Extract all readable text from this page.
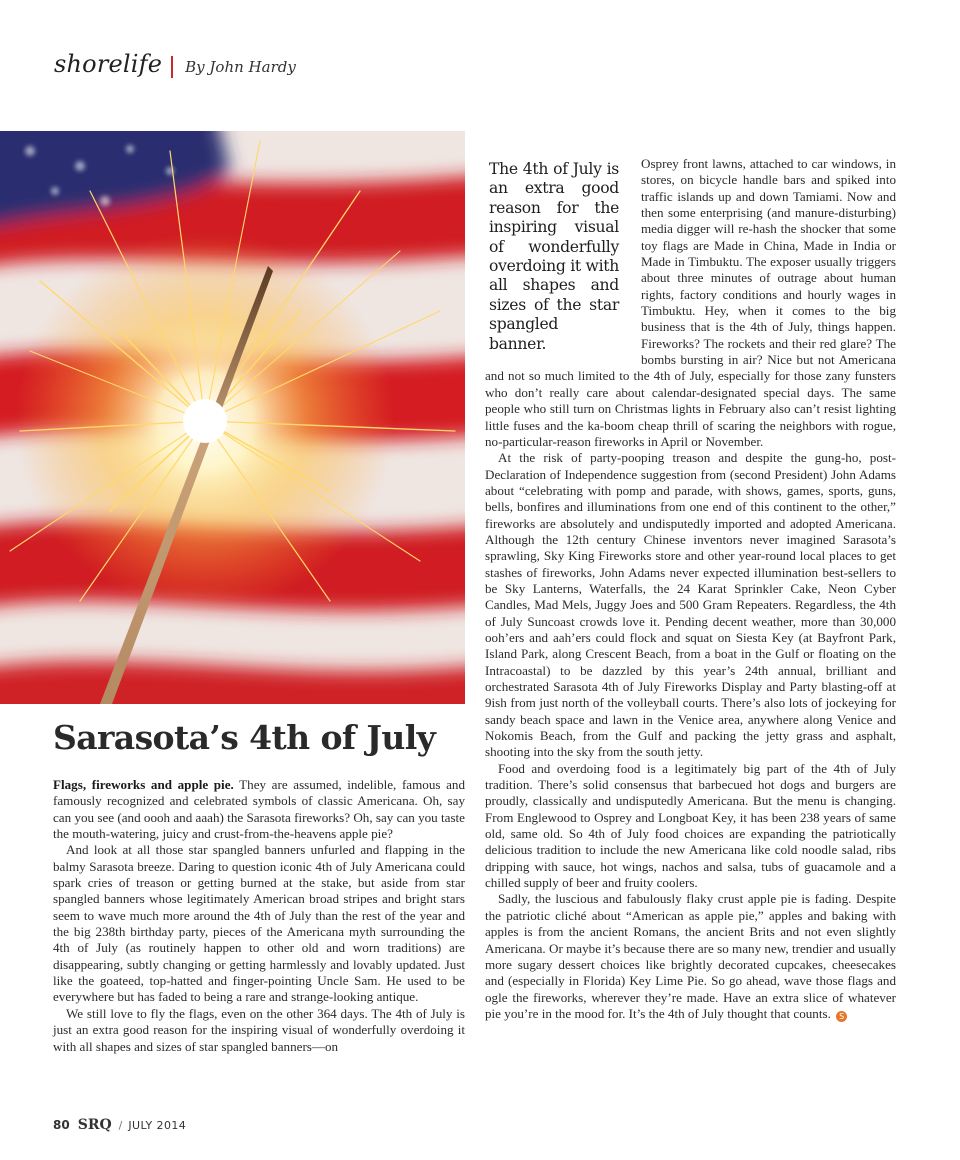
shorelife By John Hardy
Sarasota’s 4th of July

Flags, fireworks and apple pie. They are assumed, indelible, famous and famously recognized and celebrated symbols of classic Americana. Oh, say can you see (and oooh and aaah) the Sarasota fireworks? Oh, say can you taste the mouth-watering, juicy and crust-from-the-heavens apple pie?

And look at all those star spangled banners unfurled and flapping in the balmy Sarasota breeze. Daring to question iconic 4th of July Americana could spark cries of treason or getting burned at the stake, but aside from star spangled banners whose legitimately American broad stripes and bright stars seem to wave much more around the 4th of July than the rest of the year and the big 238th birthday party, pieces of the Americana myth surrounding the 4th of July (as routinely happen to other old and worn traditions) are disappearing, subtly changing or getting harmlessly and lovably updated. Just like the goateed, top-hatted and finger-pointing Uncle Sam. He used to be everywhere but has faded to being a rare and strange-looking antique.

We still love to fly the flags, even on the other 364 days. The 4th of July is just an extra good reason for the inspiring visual of wonderfully overdoing it with all shapes and sizes of star spangled banners—on

The 4th of July is an extra good reason for the inspiring visual of wonderfully overdoing it with all shapes and sizes of the star spangled banner.

Osprey front lawns, attached to car windows, in stores, on bicycle handle bars and spiked into traffic islands up and down Tamiami. Now and then some enterprising (and manure-disturbing) media digger will re-hash the shocker that some toy flags are Made in China, Made in India or Made in Timbuktu. The exposer usually triggers about three minutes of outrage about human rights, factory conditions and hourly wages in Timbuktu. Hey, when it comes to the big business that is the 4th of July, things happen. Fireworks? The rockets and their red glare? The bombs bursting in air? Nice but not Americana and not so much limited to the 4th of July, especially for those zany funsters who don’t really care about calendar-designated special days. The same people who still turn on Christmas lights in February also can’t resist lighting little fuses and the ka-boom cheap thrill of scaring the neighbors with rogue, no-particular-reason fireworks in April or November.

At the risk of party-pooping treason and despite the gung-ho, post-Declaration of Independence suggestion from (second President) John Adams about “celebrating with pomp and parade, with shows, games, sports, guns, bells, bonfires and illuminations from one end of this continent to the other,” fireworks are absolutely and undisputedly imported and adopted Americana. Although the 12th century Chinese inventors never imagined Sarasota’s sprawling, Sky King Fireworks store and other year-round local places to get stashes of fireworks, John Adams never expected illumination best-sellers to be Sky Lanterns, Waterfalls, the 24 Karat Sprinkler Cake, Neon Cyber Candles, Mad Mels, Juggy Joes and 500 Gram Repeaters. Regardless, the 4th of July Suncoast crowds love it. Pending decent weather, more than 30,000 ooh’ers and aah’ers could flock and squat on Siesta Key (at Bayfront Park, Island Park, along Crescent Beach, from a boat in the Gulf or floating on the Intracoastal) to be dazzled by this year’s 24th annual, brilliant and orchestrated Sarasota 4th of July Fireworks Display and Party blasting-off at 9ish from just north of the volleyball courts. There’s also lots of jockeying for sandy beach space and lawn in the Venice area, anywhere along Venice and Nokomis Beach, from the Gulf and packing the jetty grass and asphalt, shooting into the sky from the south jetty.

Food and overdoing food is a legitimately big part of the 4th of July tradition. There’s solid consensus that barbecued hot dogs and burgers are proudly, classically and undisputedly Americana. But the menu is changing. From Englewood to Osprey and Longboat Key, it has been 238 years of same old, same old. So 4th of July food choices are expanding the patriotically delicious tradition to include the new Americana like cold noodle salad, ribs dripping with sauce, hot wings, nachos and salsa, tubs of guacamole and a chilled supply of beer and fruity coolers.

Sadly, the luscious and fabulously flaky crust apple pie is fading. Despite the patriotic cliché about “American as apple pie,” apples and baking with apples is from the ancient Romans, the ancient Brits and not even slightly Americana. Or maybe it’s because there are so many new, trendier and usually more sugary dessert choices like brightly decorated cupcakes, cheesecakes and (especially in Florida) Key Lime Pie. So go ahead, wave those flags and ogle the fireworks, wherever they’re made. Have an extra slice of whatever pie you’re in the mood for. It’s the 4th of July thought that counts. S

80 SRQ / JULY 2014
